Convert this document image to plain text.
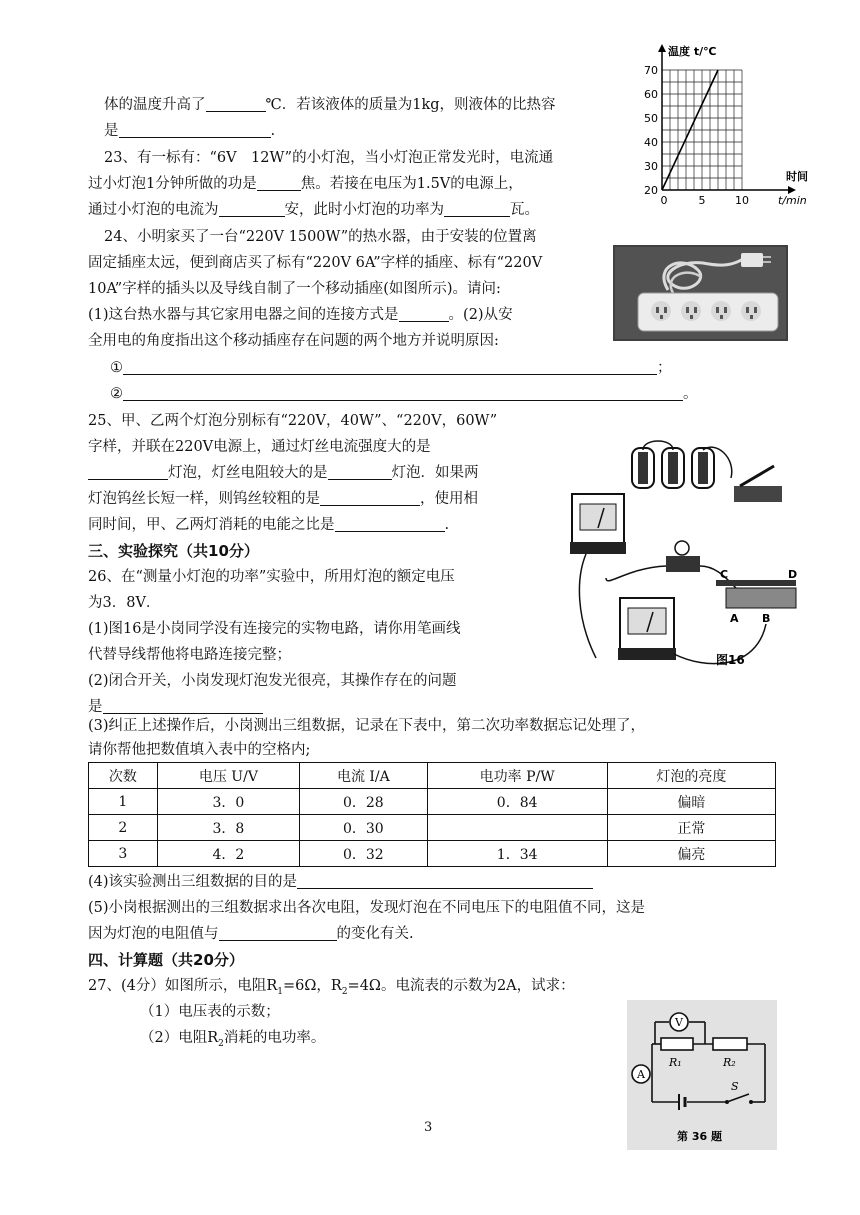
体的温度升高了	℃．若该液体的质量为1kg，则液体的比热容
是	.
23、有一标有：“6V　12W”的小灯泡，当小灯泡正常发光时，电流通
过小灯泡1分钟所做的功是	焦。若接在电压为1.5V的电源上，
通过小灯泡的电流为	安，此时小灯泡的功率为	瓦。
24、小明家买了一台“220V 1500W”的热水器，由于安装的位置离
固定插座太远，便到商店买了标有“220V 6A”字样的插座、标有“220V
10A”字样的插头以及导线自制了一个移动插座(如图所示)。请问:
(1)这台热水器与其它家用电器之间的连接方式是	。(2)从安
全用电的角度指出这个移动插座存在问题的两个地方并说明原因:
①	；
②	。
25、甲、乙两个灯泡分别标有“220V，40W”、“220V，60W”
字样，并联在220V电源上，通过灯丝电流强度大的是
灯泡，灯丝电阻较大的是	灯泡．如果两
灯泡钨丝长短一样，则钨丝较粗的是	，使用相
同时间，甲、乙两灯消耗的电能之比是	.
三、实验探究（共10分）
26、在“测量小灯泡的功率”实验中，所用灯泡的额定电压
为3．8V．
(1)图16是小岗同学没有连接完的实物电路，请你用笔画线
代替导线帮他将电路连接完整；
(2)闭合开关，小岗发现灯泡发光很亮，其操作存在的问题
是
(3)纠正上述操作后，小岗测出三组数据，记录在下表中，第二次功率数据忘记处理了，
请你帮他把数值填入表中的空格内;
次数	电压 U/V	电流 I/A	电功率 P/W	灯泡的亮度
1	3．0	0．28	0．84	偏暗
2	3．8	0．30		正常
3	4．2	0．32	1．34	偏亮
(4)该实验测出三组数据的目的是
(5)小岗根据测出的三组数据求出各次电阻，发现灯泡在不同电压下的电阻值不同，这是
因为灯泡的电阻值与	的变化有关.
四、计算题（共20分）
27、(4分）如图所示，电阻$R_1=6\Omega$，$R_2=4\Omega$。电流表的示数为2A，试求：
（1）电压表的示数；
（2）电阻$R_2$消耗的电功率。
3
温度 t/℃
时间
t/min
70
60
50
40
30
20
0	5	10
C	D
A B
图16
V
A
R₁	R₂
S
第 36 题
